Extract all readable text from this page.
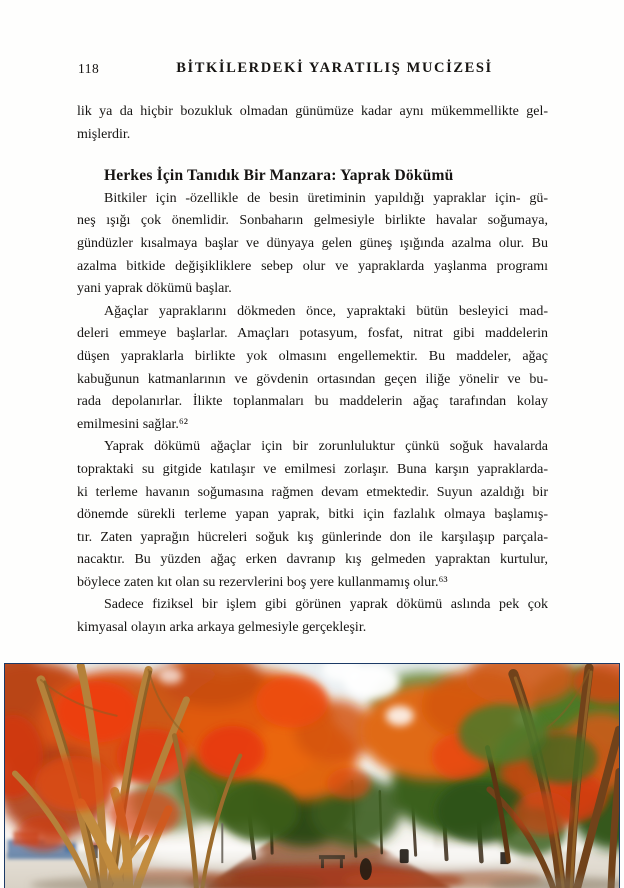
118	BİTKİLERDEKİ YARATILIŞ MUCİZESİ

lik ya da hiçbir bozukluk olmadan günümüze kadar aynı mükemmellikte gel-
mişlerdir.

Herkes İçin Tanıdık Bir Manzara: Yaprak Dökümü

Bitkiler için -özellikle de besin üretiminin yapıldığı yapraklar için- gü-
neş ışığı çok önemlidir. Sonbaharın gelmesiyle birlikte havalar soğumaya,
gündüzler kısalmaya başlar ve dünyaya gelen güneş ışığında azalma olur. Bu
azalma bitkide değişikliklere sebep olur ve yapraklarda yaşlanma programı
yani yaprak dökümü başlar.

Ağaçlar yapraklarını dökmeden önce, yapraktaki bütün besleyici mad-
deleri emmeye başlarlar. Amaçları potasyum, fosfat, nitrat gibi maddelerin
düşen yapraklarla birlikte yok olmasını engellemektir. Bu maddeler, ağaç
kabuğunun katmanlarının ve gövdenin ortasından geçen iliğe yönelir ve bu-
rada depolanırlar. İlikte toplanmaları bu maddelerin ağaç tarafından kolay
emilmesini sağlar.⁶²

Yaprak dökümü ağaçlar için bir zorunluluktur çünkü soğuk havalarda
topraktaki su gitgide katılaşır ve emilmesi zorlaşır. Buna karşın yapraklarda-
ki terleme havanın soğumasına rağmen devam etmektedir. Suyun azaldığı bir
dönemde sürekli terleme yapan yaprak, bitki için fazlalık olmaya başlamış-
tır. Zaten yaprağın hücreleri soğuk kış günlerinde don ile karşılaşıp parçala-
nacaktır. Bu yüzden ağaç erken davranıp kış gelmeden yapraktan kurtulur,
böylece zaten kıt olan su rezervlerini boş yere kullanmamış olur.⁶³

Sadece fiziksel bir işlem gibi görünen yaprak dökümü aslında pek çok
kimyasal olayın arka arkaya gelmesiyle gerçekleşir.
